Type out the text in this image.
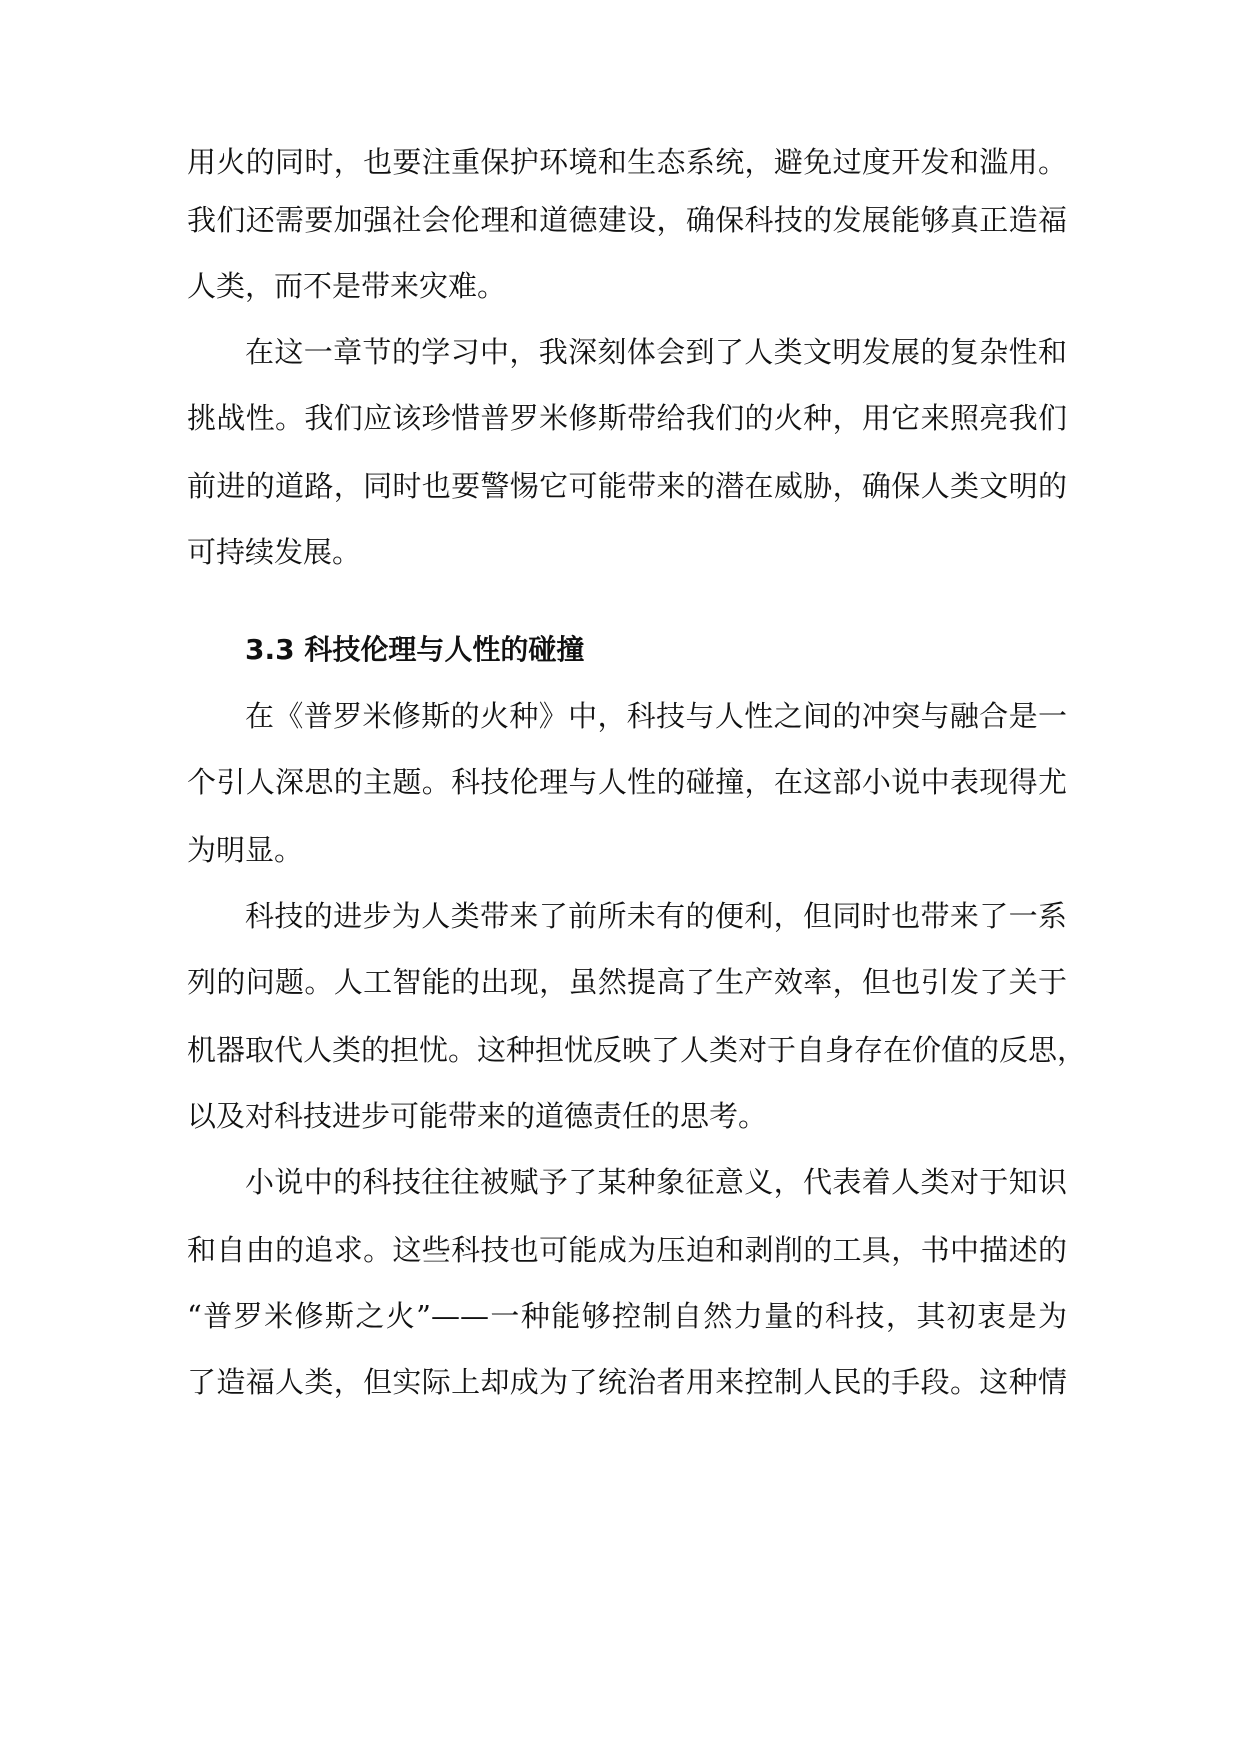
用火的同时，也要注重保护环境和生态系统，避免过度开发和滥用。
我们还需要加强社会伦理和道德建设，确保科技的发展能够真正造福
人类，而不是带来灾难。
在这一章节的学习中，我深刻体会到了人类文明发展的复杂性和
挑战性。我们应该珍惜普罗米修斯带给我们的火种，用它来照亮我们
前进的道路，同时也要警惕它可能带来的潜在威胁，确保人类文明的
可持续发展。
3.3 科技伦理与人性的碰撞
在《普罗米修斯的火种》中，科技与人性之间的冲突与融合是一
个引人深思的主题。科技伦理与人性的碰撞，在这部小说中表现得尤
为明显。
科技的进步为人类带来了前所未有的便利，但同时也带来了一系
列的问题。人工智能的出现，虽然提高了生产效率，但也引发了关于
机器取代人类的担忧。这种担忧反映了人类对于自身存在价值的反思，
以及对科技进步可能带来的道德责任的思考。
小说中的科技往往被赋予了某种象征意义，代表着人类对于知识
和自由的追求。这些科技也可能成为压迫和剥削的工具，书中描述的
“普罗米修斯之火”——一种能够控制自然力量的科技，其初衷是为
了造福人类，但实际上却成为了统治者用来控制人民的手段。这种情
